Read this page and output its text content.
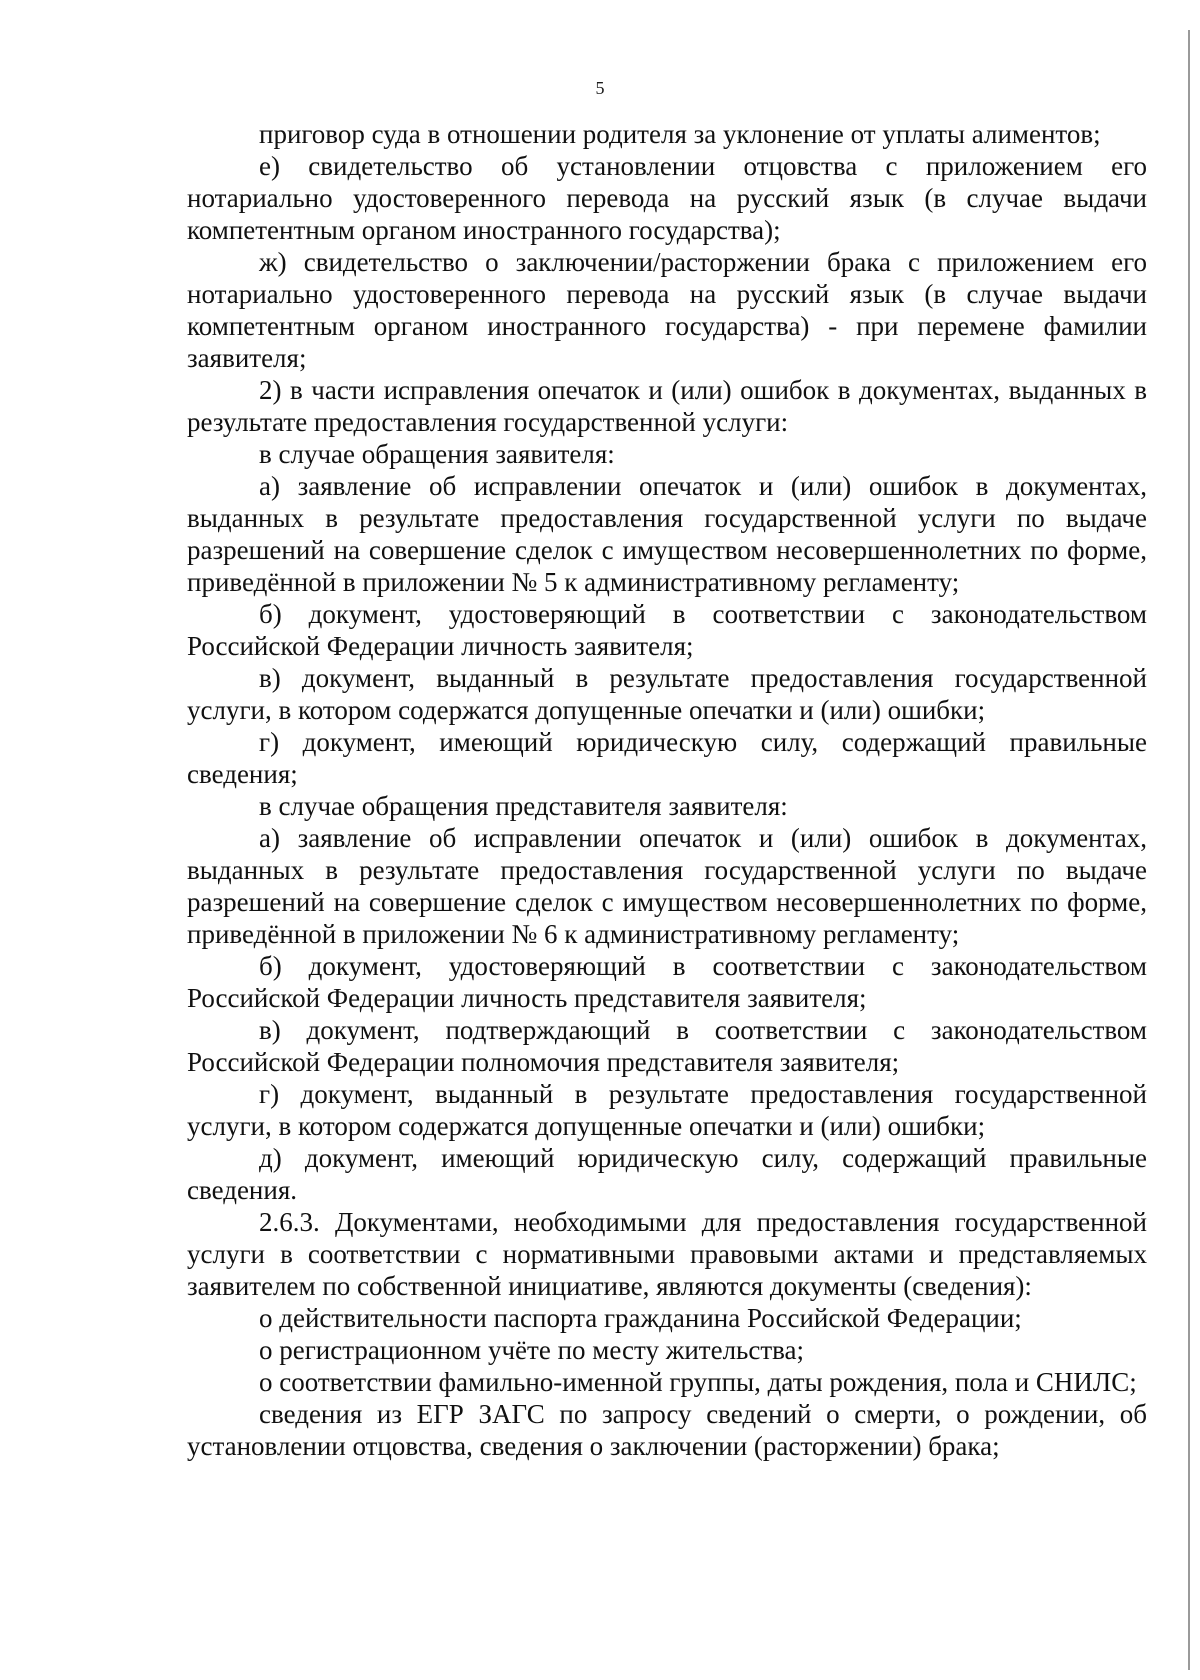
5

приговор суда в отношении родителя за уклонение от уплаты алиментов;

е) свидетельство об установлении отцовства с приложением его нотариально удостоверенного перевода на русский язык (в случае выдачи компетентным органом иностранного государства);

ж) свидетельство о заключении/расторжении брака с приложением его нотариально удостоверенного перевода на русский язык (в случае выдачи компетентным органом иностранного государства) - при перемене фамилии заявителя;

2) в части исправления опечаток и (или) ошибок в документах, выданных в результате предоставления государственной услуги:

в случае обращения заявителя:

а) заявление об исправлении опечаток и (или) ошибок в документах, выданных в результате предоставления государственной услуги по выдаче разрешений на совершение сделок с имуществом несовершеннолетних по форме, приведённой в приложении № 5 к административному регламенту;

б) документ, удостоверяющий в соответствии с законодательством Российской Федерации личность заявителя;

в) документ, выданный в результате предоставления государственной услуги, в котором содержатся допущенные опечатки и (или) ошибки;

г) документ, имеющий юридическую силу, содержащий правильные сведения;

в случае обращения представителя заявителя:

а) заявление об исправлении опечаток и (или) ошибок в документах, выданных в результате предоставления государственной услуги по выдаче разрешений на совершение сделок с имуществом несовершеннолетних по форме, приведённой в приложении № 6 к административному регламенту;

б) документ, удостоверяющий в соответствии с законодательством Российской Федерации личность представителя заявителя;

в) документ, подтверждающий в соответствии с законодательством Российской Федерации полномочия представителя заявителя;

г) документ, выданный в результате предоставления государственной услуги, в котором содержатся допущенные опечатки и (или) ошибки;

д) документ, имеющий юридическую силу, содержащий правильные сведения.

2.6.3. Документами, необходимыми для предоставления государственной услуги в соответствии с нормативными правовыми актами и представляемых заявителем по собственной инициативе, являются документы (сведения):

о действительности паспорта гражданина Российской Федерации;

о регистрационном учёте по месту жительства;

о соответствии фамильно-именной группы, даты рождения, пола и СНИЛС;

сведения из ЕГР ЗАГС по запросу сведений о смерти, о рождении, об установлении отцовства, сведения о заключении (расторжении) брака;
